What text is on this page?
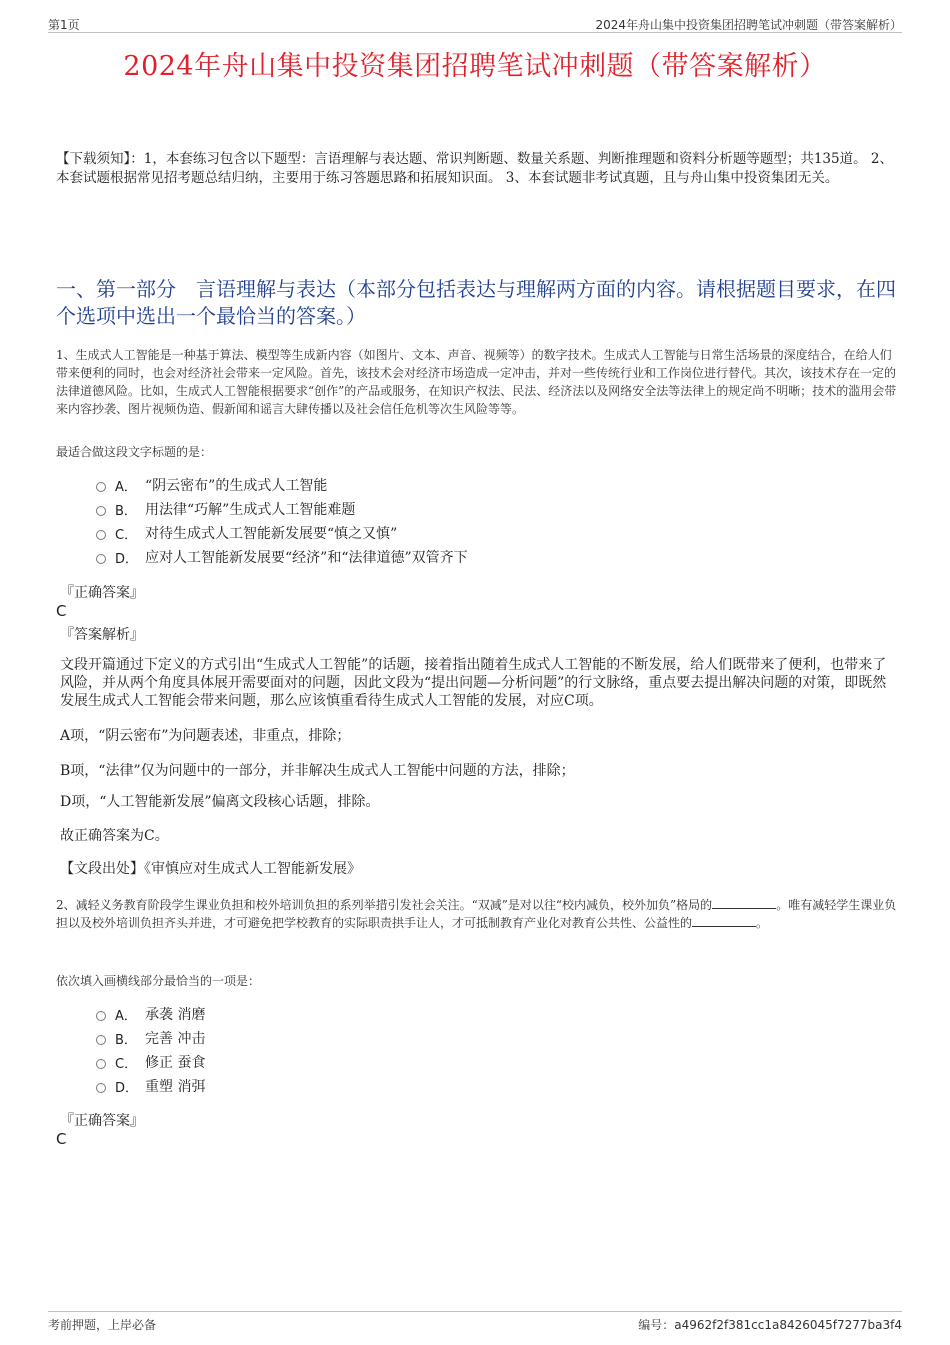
第1页	2024年舟山集中投资集团招聘笔试冲刺题（带答案解析）
2024年舟山集中投资集团招聘笔试冲刺题（带答案解析）
【下载须知】：1，本套练习包含以下题型：言语理解与表达题、常识判断题、数量关系题、判断推理题和资料分析题等题型；共135道。 2、本套试题根据常见招考题总结归纳，主要用于练习答题思路和拓展知识面。 3、本套试题非考试真题，且与舟山集中投资集团无关。
一、第一部分　言语理解与表达（本部分包括表达与理解两方面的内容。请根据题目要求，在四个选项中选出一个最恰当的答案。）
1、生成式人工智能是一种基于算法、模型等生成新内容（如图片、文本、声音、视频等）的数字技术。生成式人工智能与日常生活场景的深度结合，在给人们带来便利的同时，也会对经济社会带来一定风险。首先，该技术会对经济市场造成一定冲击，并对一些传统行业和工作岗位进行替代。其次，该技术存在一定的法律道德风险。比如，生成式人工智能根据要求“创作”的产品或服务，在知识产权法、民法、经济法以及网络安全法等法律上的规定尚不明晰；技术的滥用会带来内容抄袭、图片视频伪造、假新闻和谣言大肆传播以及社会信任危机等次生风险等等。
最适合做这段文字标题的是：
A． “阴云密布”的生成式人工智能
B． 用法律“巧解”生成式人工智能难题
C． 对待生成式人工智能新发展要“慎之又慎”
D． 应对人工智能新发展要“经济”和“法律道德”双管齐下
『正确答案』
C
『答案解析』
文段开篇通过下定义的方式引出“生成式人工智能”的话题，接着指出随着生成式人工智能的不断发展，给人们既带来了便利，也带来了风险，并从两个角度具体展开需要面对的问题，因此文段为“提出问题—分析问题”的行文脉络，重点要去提出解决问题的对策，即既然发展生成式人工智能会带来问题，那么应该慎重看待生成式人工智能的发展，对应C项。
A项，“阴云密布”为问题表述，非重点，排除；
B项，“法律”仅为问题中的一部分，并非解决生成式人工智能中问题的方法，排除；
D项，“人工智能新发展”偏离文段核心话题，排除。
故正确答案为C。
【文段出处】《审慎应对生成式人工智能新发展》
2、减轻义务教育阶段学生课业负担和校外培训负担的系列举措引发社会关注。“双减”是对以往“校内减负，校外加负”格局的	。唯有减轻学生课业负担以及校外培训负担齐头并进，才可避免把学校教育的实际职责拱手让人，才可抵制教育产业化对教育公共性、公益性的	。
依次填入画横线部分最恰当的一项是：
A． 承袭 消磨
B． 完善 冲击
C． 修正 蚕食
D． 重塑 消弭
『正确答案』
C
考前押题，上岸必备	编号：a4962f2f381cc1a8426045f7277ba3f4
